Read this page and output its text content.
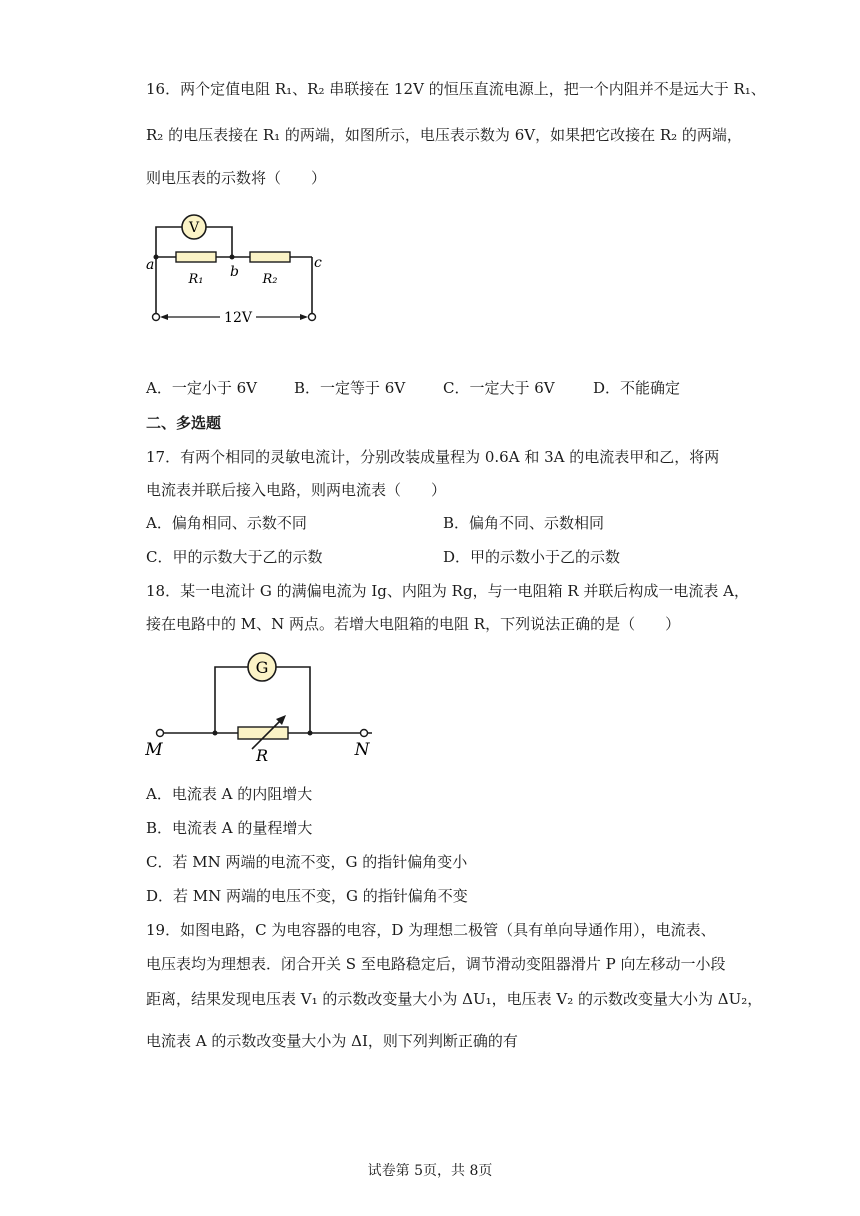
16．两个定值电阻 R₁、R₂ 串联接在 12V 的恒压直流电源上，把一个内阻并不是远大于 R₁、
R₂ 的电压表接在 R₁ 的两端，如图所示，电压表示数为 6V，如果把它改接在 R₂ 的两端，
则电压表的示数将（　　）
V
12V
a	b
c
R₁	R₂
A．一定小于 6V B．一定等于 6V	C．一定大于 6V	D．不能确定
二、多选题
17．有两个相同的灵敏电流计，分别改装成量程为 0.6A 和 3A 的电流表甲和乙，将两
电流表并联后接入电路，则两电流表（　　）
A．偏角相同、示数不同	B．偏角不同、示数相同
C．甲的示数大于乙的示数	D．甲的示数小于乙的示数
18．某一电流计 G 的满偏电流为 Ig、内阻为 Rg，与一电阻箱 R 并联后构成一电流表 A，
接在电路中的 M、N 两点。若增大电阻箱的电阻 R，下列说法正确的是（　　）
G
R
M	N
A．电流表 A 的内阻增大
B．电流表 A 的量程增大
C．若 MN 两端的电流不变，G 的指针偏角变小
D．若 MN 两端的电压不变，G 的指针偏角不变
19．如图电路，C 为电容器的电容，D 为理想二极管（具有单向导通作用），电流表、
电压表均为理想表．闭合开关 S 至电路稳定后，调节滑动变阻器滑片 P 向左移动一小段
距离，结果发现电压表 V₁ 的示数改变量大小为 ΔU₁，电压表 V₂ 的示数改变量大小为 ΔU₂，
电流表 A 的示数改变量大小为 ΔI，则下列判断正确的有
试卷第 5页，共 8页
